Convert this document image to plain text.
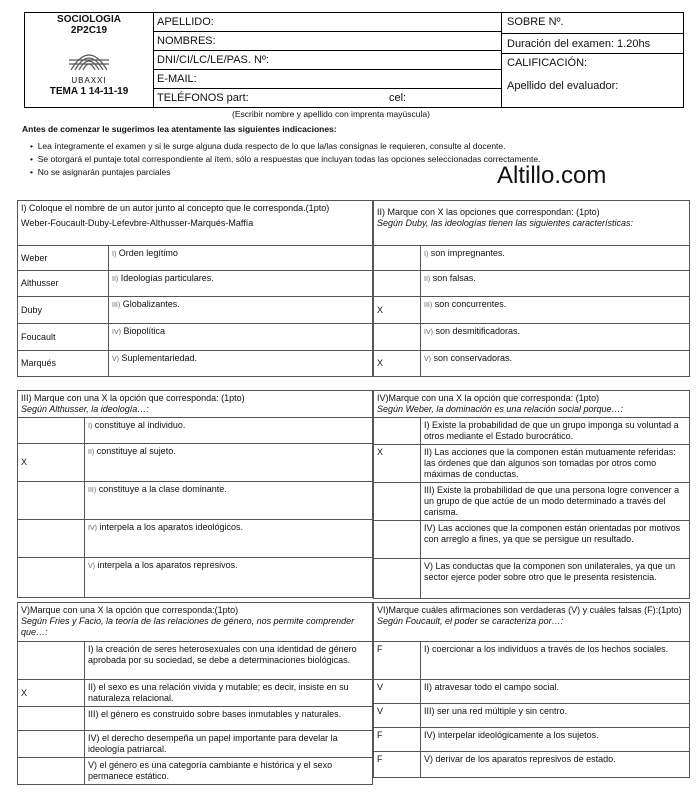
SOCIOLOGIA
2P2C19
UBAXXI
TEMA 1 14-11-19
APELLIDO:
NOMBRES:
DNI/CI/LC/LE/PAS. Nº:
E-MAIL:
TELÉFONOS part:	cel:
SOBRE Nº.
Duración del examen: 1.20hs
CALIFICACIÓN:
Apellido del evaluador:
(Escribir nombre y apellido con imprenta mayúscula)
Antes de comenzar le sugerimos lea atentamente las siguientes indicaciones:
•  Lea íntegramente el examen y si le surge alguna duda respecto de lo que la/las consignas le requieren, consulte al docente.
•  Se otorgará el puntaje total correspondiente al ítem, sólo a respuestas que incluyan todas las opciones seleccionadas correctamente.
•  No se asignarán puntajes parciales	Altillo.com
I) Coloque el nombre de un autor junto al concepto que le corresponda.(1pto)
Weber-Foucault-Duby-Lefevbre-Althusser-Marqués-Maffía	

Weber	I) Orden legítimo
Althusser	II) Ideologías particulares.
Duby	III) Globalizantes.
Foucault	IV) Biopolítica
Marqués	V) Suplementariedad.
II) Marque con X las opciones que correspondan: (1pto)
Según Duby, las ideologías tienen las siguientes características:	

	I) son impregnantes.
	II) son falsas.
X	III) son concurrentes.
	IV) son desmitificadoras.
X	V) son conservadoras.
III) Marque con una X la opción que corresponda: (1pto)
Según Althusser, la ideología…:	

	I) constituye al individuo.
X	II) constituye al sujeto.
	III) constituye a la clase dominante.
	IV) interpela a los aparatos ideológicos.
	V) interpela a los aparatos represivos.
IV)Marque con una X la opción que corresponda: (1pto)
Según Weber, la dominación es una relación social porque…:	

	I) Existe la probabilidad de que un grupo imponga su voluntad a otros mediante el Estado burocrático.
X	II) Las acciones que la componen están mutuamente referidas: las órdenes que dan algunos son tomadas por otros como máximas de conductas.
	III) Existe la probabilidad de que una persona logre convencer a un grupo de que actúe de un modo determinado a través del carisma.
	IV) Las acciones que la componen están orientadas por motivos con arreglo a fines, ya que se persigue un resultado.
	V) Las conductas que la componen son unilaterales, ya que un sector ejerce poder sobre otro que le presenta resistencia.
V)Marque con una X la opción que corresponda:(1pto)
Según Fries y Facio, la teoría de las relaciones de género, nos permite comprender que…:	

	I) la creación de seres heterosexuales con una identidad de género aprobada por su sociedad, se debe a determinaciones biológicas.
X	II) el sexo es una relación vivida y mutable; es decir, insiste en su naturaleza relacional.
	III) el género es construido sobre bases inmutables y naturales.
	IV) el derecho desempeña un papel importante para develar la ideología patriarcal.
	V) el género es una categoría cambiante e histórica y el sexo permanece estático.
VI)Marque cuáles afirmaciones son verdaderas (V) y cuáles falsas (F):(1pto)
Según Foucault, el poder se caracteriza por…:	

F	I) coercionar a los individuos a través de los hechos sociales.
V	II) atravesar todo el campo social.
V	III) ser una red múltiple y sin centro.
F	IV) interpelar ideológicamente a los sujetos.
F	V) derivar de los aparatos represivos de estado.
